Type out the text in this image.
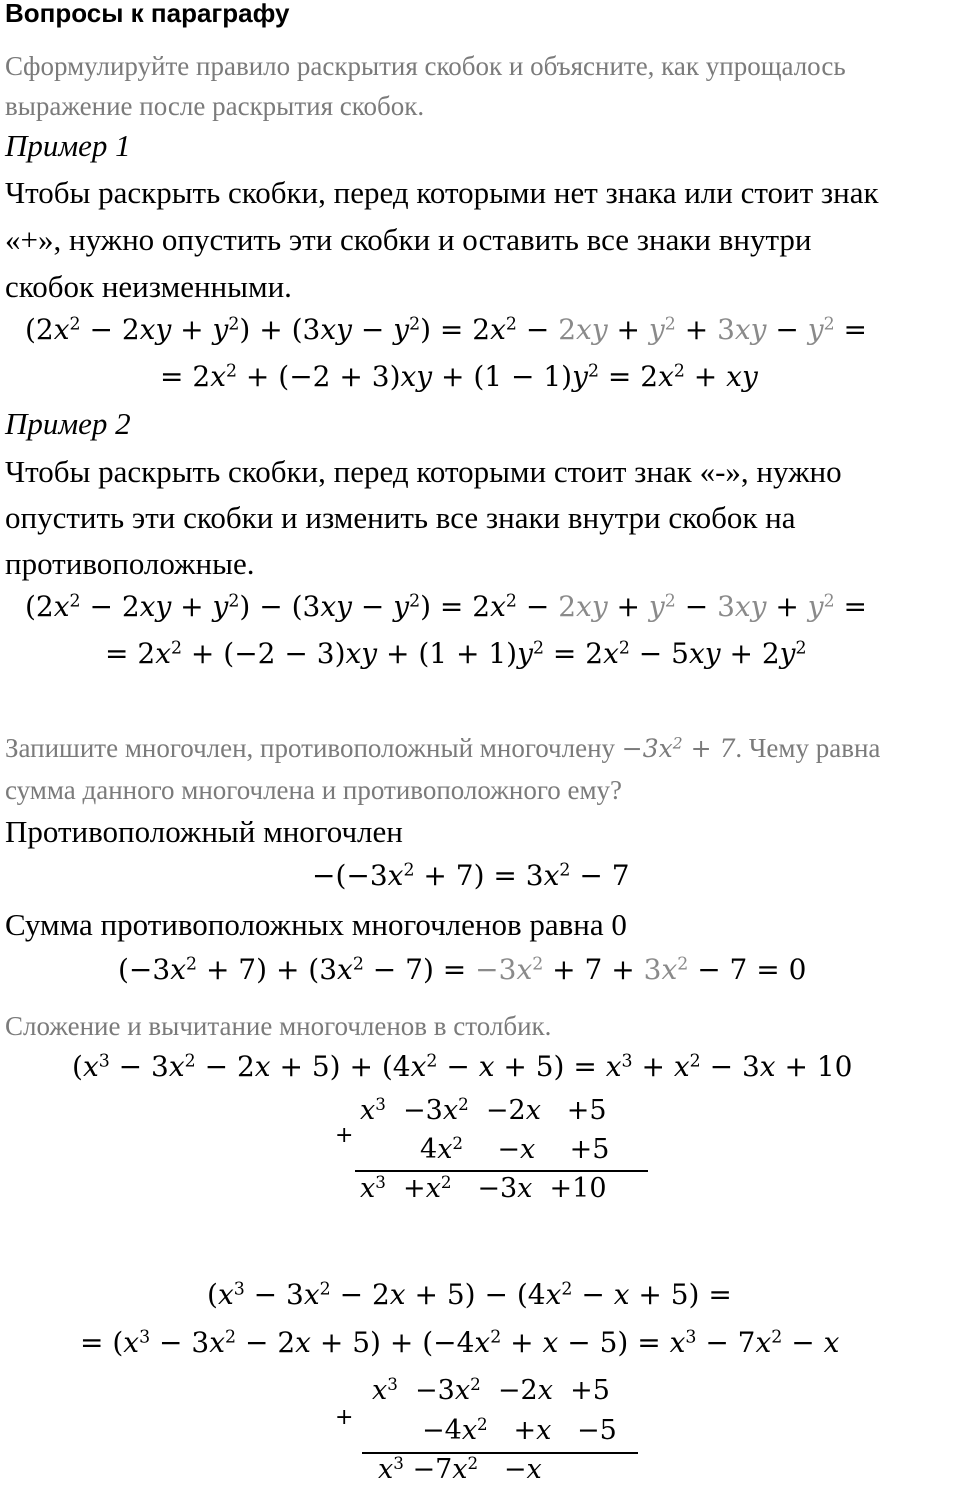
Вопросы к параграфу
Сформулируйте правило раскрытия скобок и объясните, как упрощалось
выражение после раскрытия скобок.
Пример 1
Чтобы раскрыть скобки, перед которыми нет знака или стоит знак
«+», нужно опустить эти скобки и оставить все знаки внутри
скобок неизменными.
$(2x^2 - 2xy + y^2) + (3xy - y^2) = 2x^2 - 2xy + y^2 + 3xy - y^2$ =
= $2x^2 + (-2 + 3)xy + (1 - 1)y^2 = 2x^2$ + xy
Пример 2
Чтобы раскрыть скобки, перед которыми стоит знак «-», нужно
опустить эти скобки и изменить все знаки внутри скобок на
противоположные.
$(2x^2 - 2xy + y^2) - (3xy - y^2) = 2x^2 - 2xy + y^2 - 3xy + y^2$ =
= $2x^2 + (-2 - 3)xy + (1 + 1)y^2 = 2x^2 - 5xy + 2y^2$
Запишите многочлен, противоположный многочлену $-3x^2 + 7$. Чему равна
сумма данного многочлена и противоположного ему?
Противоположный многочлен
$-(-3x^2 + 7) = 3x^2 - 7$
Сумма противоположных многочленов равна 0
$(-3x^2 + 7) + (3x^2 - 7) = -3x^2 + 7 + 3x^2 - 7 = 0$
Сложение и вычитание многочленов в столбик.
$(x^3 - 3x^2 - 2x + 5) + (4x^2 - x + 5) = x^3 + x^2 - 3x + 10$
+
$x^3 -3x^2 -2x +5$
$4x^2$    −x    +5
$x^3 +x^2 -3x +10$
$(x^3 - 3x^2 - 2x + 5) - (4x^2 - x + 5)$ =
= $(x^3 - 3x^2 - 2x + 5) + (-4x^2 + x - 5) = x^3 - 7x^2 - x$
+
$x^3 -3x^2 -2x +5$
$-4x^2 +x -5$
$x^3 -7x^2 -x$
